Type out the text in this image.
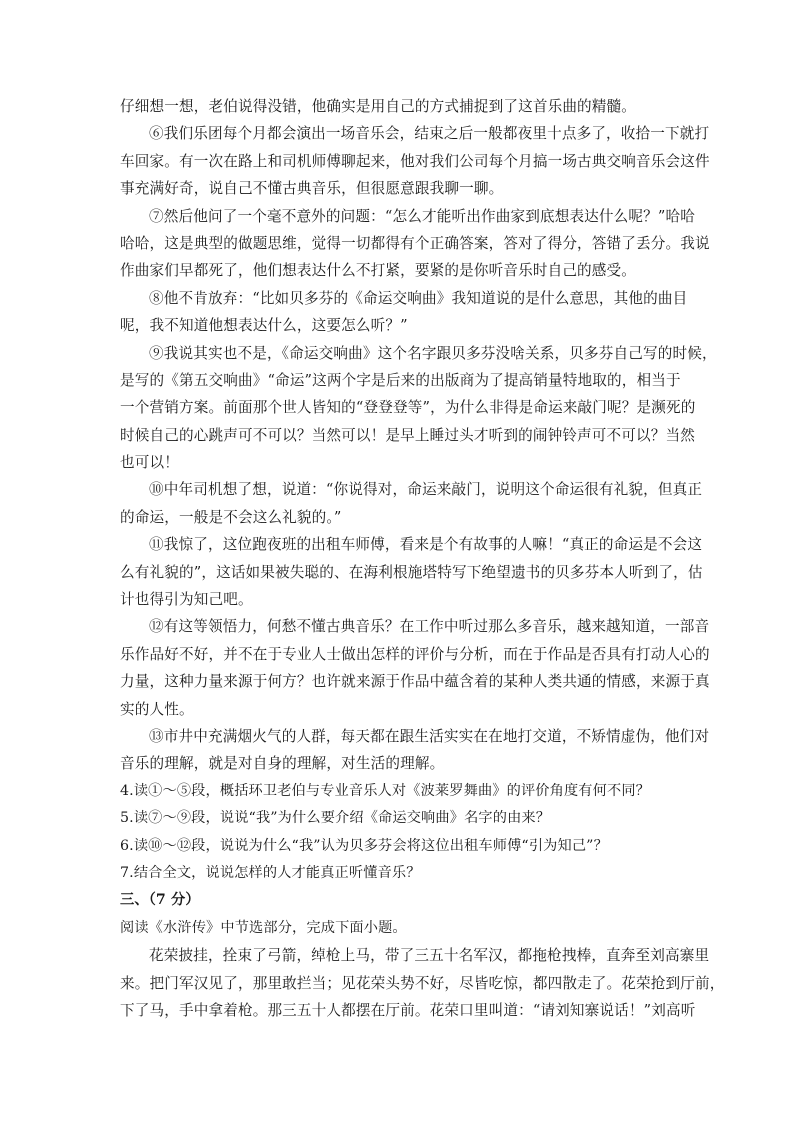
仔细想一想，老伯说得没错，他确实是用自己的方式捕捉到了这首乐曲的精髓。
⑥我们乐团每个月都会演出一场音乐会，结束之后一般都夜里十点多了，收拾一下就打
车回家。有一次在路上和司机师傅聊起来，他对我们公司每个月搞一场古典交响音乐会这件
事充满好奇，说自己不懂古典音乐，但很愿意跟我聊一聊。
⑦然后他问了一个毫不意外的问题：“怎么才能听出作曲家到底想表达什么呢？”哈哈
哈哈，这是典型的做题思维，觉得一切都得有个正确答案，答对了得分，答错了丢分。我说
作曲家们早都死了，他们想表达什么不打紧，要紧的是你听音乐时自己的感受。
⑧他不肯放弃：“比如贝多芬的《命运交响曲》我知道说的是什么意思，其他的曲目
呢，我不知道他想表达什么，这要怎么听？”
⑨我说其实也不是，《命运交响曲》这个名字跟贝多芬没啥关系，贝多芬自己写的时候，
是写的《第五交响曲》“命运”这两个字是后来的出版商为了提高销量特地取的，相当于
一个营销方案。前面那个世人皆知的“登登登等”，为什么非得是命运来敲门呢？是濒死的
时候自己的心跳声可不可以？当然可以！是早上睡过头才听到的闹钟铃声可不可以？当然
也可以！
⑩中年司机想了想，说道：“你说得对，命运来敲门，说明这个命运很有礼貌，但真正
的命运，一般是不会这么礼貌的。”
⑪我惊了，这位跑夜班的出租车师傅，看来是个有故事的人嘛！“真正的命运是不会这
么有礼貌的”，这话如果被失聪的、在海利根施塔特写下绝望遗书的贝多芬本人听到了，估
计也得引为知己吧。
⑫有这等领悟力，何愁不懂古典音乐？在工作中听过那么多音乐，越来越知道，一部音
乐作品好不好，并不在于专业人士做出怎样的评价与分析，而在于作品是否具有打动人心的
力量，这种力量来源于何方？也许就来源于作品中蕴含着的某种人类共通的情感，来源于真
实的人性。
⑬市井中充满烟火气的人群，每天都在跟生活实实在在地打交道，不矫情虚伪，他们对
音乐的理解，就是对自身的理解，对生活的理解。
4.读①～⑤段，概括环卫老伯与专业音乐人对《波莱罗舞曲》的评价角度有何不同？
5.读⑦～⑨段，说说“我”为什么要介绍《命运交响曲》名字的由来？
6.读⑩～⑫段，说说为什么“我”认为贝多芬会将这位出租车师傅“引为知己”？
7.结合全文，说说怎样的人才能真正听懂音乐？
三、（7 分）
阅读《水浒传》中节选部分，完成下面小题。
花荣披挂，拴束了弓箭，绰枪上马，带了三五十名军汉，都拖枪拽棒，直奔至刘高寨里
来。把门军汉见了，那里敢拦当；见花荣头势不好，尽皆吃惊，都四散走了。花荣抢到厅前，
下了马，手中拿着枪。那三五十人都摆在厅前。花荣口里叫道：“请刘知寨说话！”刘高听
